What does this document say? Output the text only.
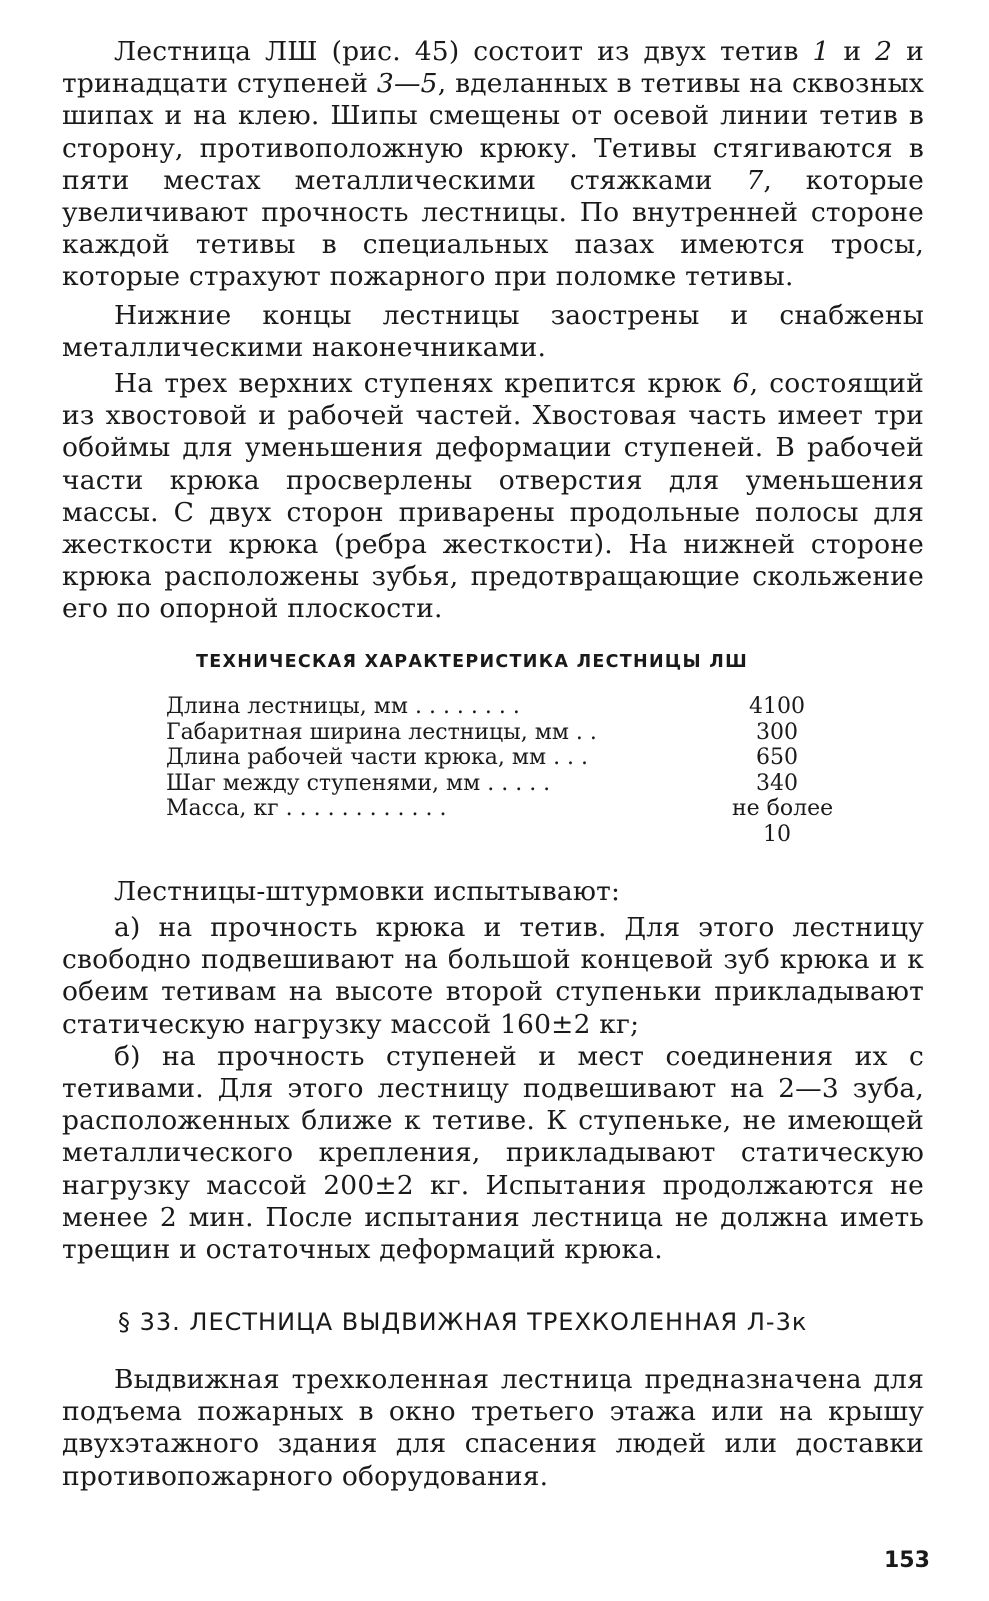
Лестница ЛШ (рис. 45) состоит из двух тетив 1 и 2 и тринадцати ступеней 3—5, вделанных в тетивы на сквозных шипах и на клею. Шипы смещены от осевой линии тетив в сторону, противоположную крюку. Тетивы стягиваются в пяти местах металлическими стяжками 7, которые увеличивают прочность лестницы. По внутренней стороне каждой тетивы в специальных пазах имеются тросы, которые страхуют пожарного при поломке тетивы.

Нижние концы лестницы заострены и снабжены металлическими наконечниками.

На трех верхних ступенях крепится крюк 6, состоящий из хвостовой и рабочей частей. Хвостовая часть имеет три обоймы для уменьшения деформации ступеней. В рабочей части крюка просверлены отверстия для уменьшения массы. С двух сторон приварены продольные полосы для жесткости крюка (ребра жесткости). На нижней стороне крюка расположены зубья, предотвращающие скольжение его по опорной плоскости.

ТЕХНИЧЕСКАЯ ХАРАКТЕРИСТИКА ЛЕСТНИЦЫ ЛШ
Длина лестницы, мм . . . . . . . .	4100
Габаритная ширина лестницы, мм . .	300
Длина рабочей части крюка, мм . . .	650
Шаг между ступенями, мм . . . . .	340
Масса, кг . . . . . . . . . . . .	не более
10

Лестницы-штурмовки испытывают:

а) на прочность крюка и тетив. Для этого лестницу свободно подвешивают на большой концевой зуб крюка и к обеим тетивам на высоте второй ступеньки прикладывают статическую нагрузку массой 160±2 кг;

б) на прочность ступеней и мест соединения их с тетивами. Для этого лестницу подвешивают на 2—3 зуба, расположенных ближе к тетиве. К ступеньке, не имеющей металлического крепления, прикладывают статическую нагрузку массой 200±2 кг. Испытания продолжаются не менее 2 мин. После испытания лестница не должна иметь трещин и остаточных деформаций крюка.

§ 33. ЛЕСТНИЦА ВЫДВИЖНАЯ ТРЕХКОЛЕННАЯ Л-3к

Выдвижная трехколенная лестница предназначена для подъема пожарных в окно третьего этажа или на крышу двухэтажного здания для спасения людей или доставки противопожарного оборудования.

153
